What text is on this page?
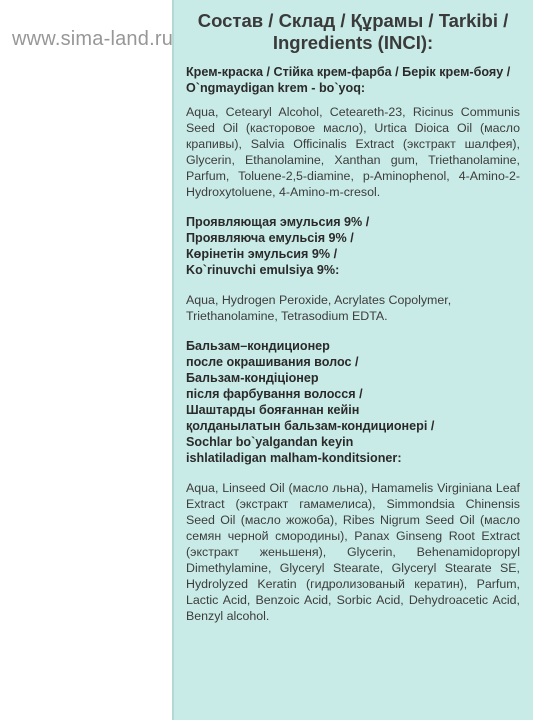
Состав / Склад / Құрамы / Tarkibi / Ingredients (INCI):
Крем-краска / Стійка крем-фарба / Берік крем-бояу / O`ngmaydigan krem - bo`yoq:
Aqua, Cetearyl Alcohol, Ceteareth-23, Ricinus Communis Seed Oil (касторовое масло), Urtica Dioica Oil (масло крапивы), Salvia Officinalis Extract (экстракт шалфея), Glycerin, Ethanolamine, Xanthan gum, Triethanolamine, Parfum, Toluene-2,5-diamine, p-Aminophenol, 4-Amino-2-Hydroxytoluene, 4-Amino-m-cresol.
Проявляющая эмульсия 9% /
Проявляюча емульсія 9% /
Көрінетін эмульсия 9% /
Ko`rinuvchi emulsiya 9%:
Aqua, Hydrogen Peroxide, Acrylates Copolymer, Triethanolamine, Tetrasodium EDTA.
Бальзам–кондиционер
после окрашивания волос /
Бальзам-кондіціонер
після фарбування волосся /
Шаштарды бояғаннан кейін
қолданылатын бальзам-кондиционері /
Sochlar bo`yalgandan keyin
ishlatiladigan malham-konditsioner:
Aqua, Linseed Oil (масло льна), Hamamelis Virginiana Leaf Extract (экстракт гамамелиса), Simmondsia Chinensis Seed Oil (масло жожоба), Ribes Nigrum Seed Oil (масло семян черной смородины), Panax Ginseng Root Extract (экстракт женьшеня), Glycerin, Behenamidopropyl Dimethylamine, Glyceryl Stearate, Glyceryl Stearate SE, Hydrolyzed Keratin (гидролизованый кератин), Parfum, Lactic Acid, Benzoic Acid, Sorbic Acid, Dehydroacetic Acid, Benzyl alcohol.
www.sima-land.ru
